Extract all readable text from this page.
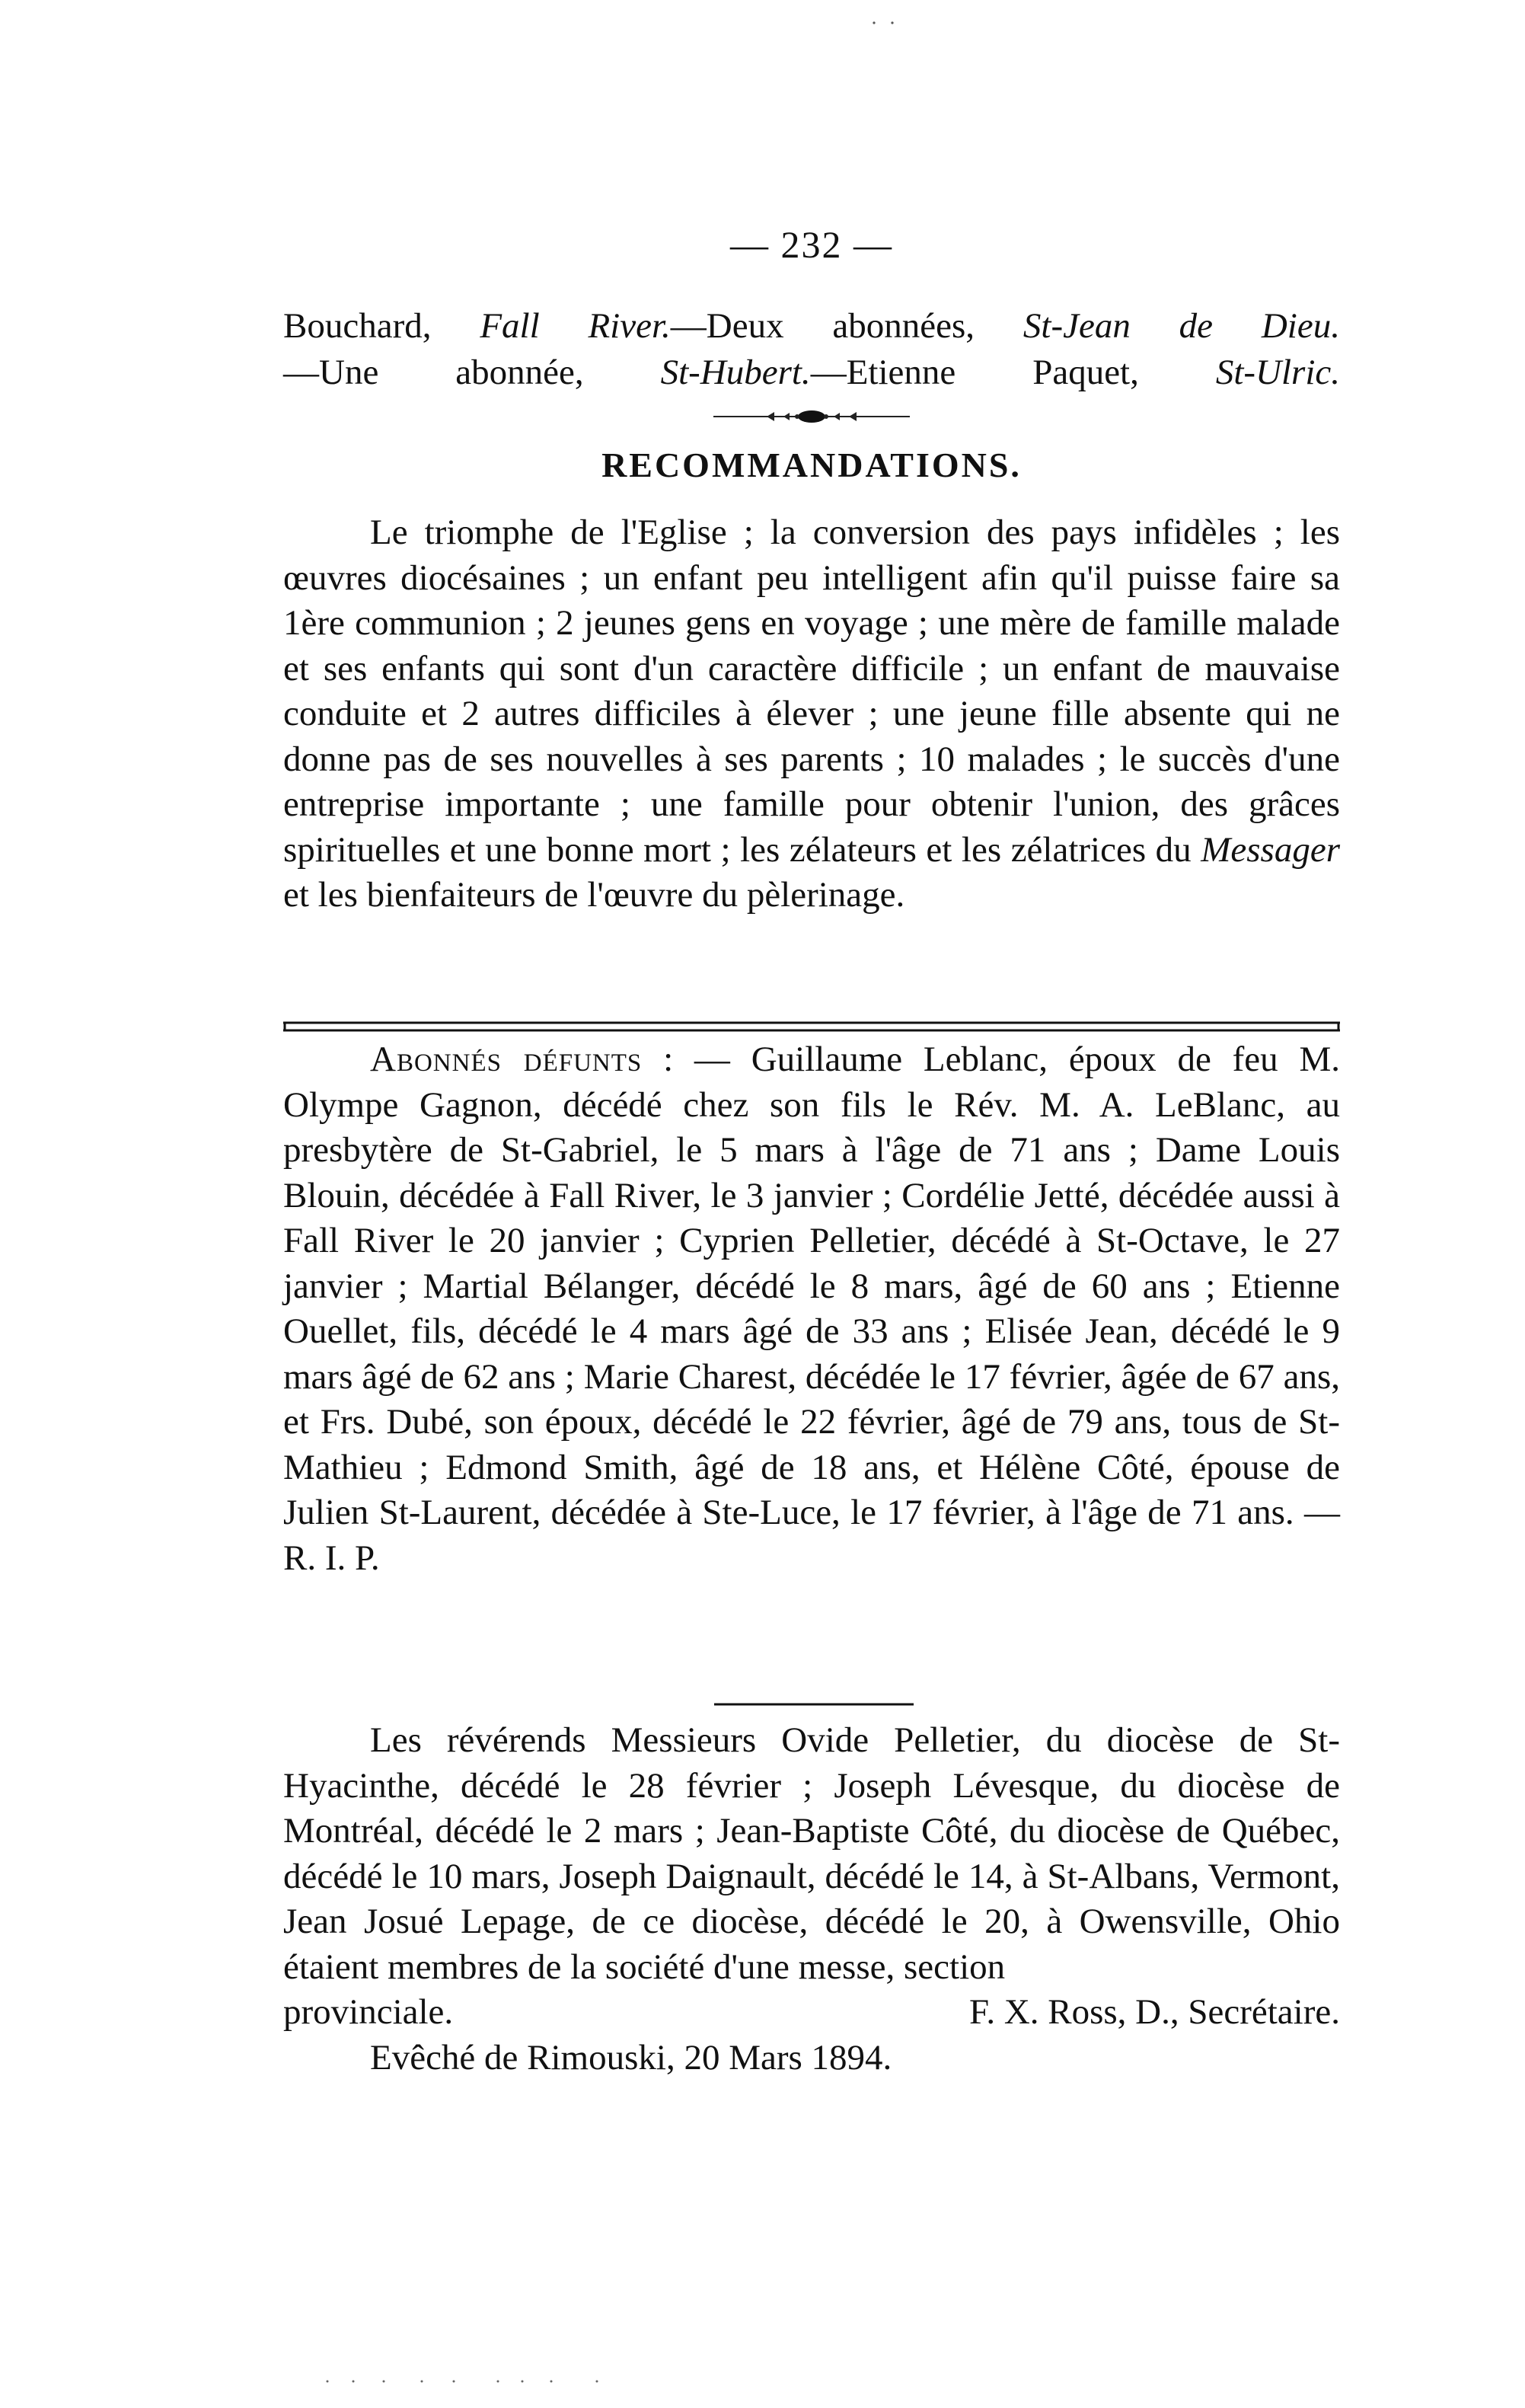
— 232 —

Bouchard, Fall River.—Deux abonnées, St-Jean de Dieu.

—Une abonnée, St-Hubert.—Etienne Paquet, St-Ulric.

RECOMMANDATIONS.

Le triomphe de l'Eglise ; la conversion des pays infidèles ; les œuvres diocésaines ; un enfant peu intelligent afin qu'il puisse faire sa 1ère communion ; 2 jeunes gens en voyage ; une mère de famille malade et ses enfants qui sont d'un caractère difficile ; un enfant de mauvaise conduite et 2 autres difficiles à élever ; une jeune fille absente qui ne donne pas de ses nouvelles à ses parents ; 10 malades ; le succès d'une entreprise importante ; une famille pour obtenir l'union, des grâces spirituelles et une bonne mort ; les zélateurs et les zélatrices du Messager et les bienfaiteurs de l'œuvre du pèlerinage.

Abonnés défunts : — Guillaume Leblanc, époux de feu M. Olympe Gagnon, décédé chez son fils le Rév. M. A. LeBlanc, au presbytère de St-Gabriel, le 5 mars à l'âge de 71 ans ; Dame Louis Blouin, décédée à Fall River, le 3 janvier ; Cordélie Jetté, décédée aussi à Fall River le 20 janvier ; Cyprien Pelletier, décédé à St-Octave, le 27 janvier ; Martial Bélanger, décédé le 8 mars, âgé de 60 ans ; Etienne Ouellet, fils, décédé le 4 mars âgé de 33 ans ; Elisée Jean, décédé le 9 mars âgé de 62 ans ; Marie Charest, décédée le 17 février, âgée de 67 ans, et Frs. Dubé, son époux, décédé le 22 février, âgé de 79 ans, tous de St-Mathieu ; Edmond Smith, âgé de 18 ans, et Hélène Côté, épouse de Julien St-Laurent, décédée à Ste-Luce, le 17 février, à l'âge de 71 ans. — R. I. P.

Les révérends Messieurs Ovide Pelletier, du diocèse de St-Hyacinthe, décédé le 28 février ; Joseph Lévesque, du diocèse de Montréal, décédé le 2 mars ; Jean-Baptiste Côté, du diocèse de Québec, décédé le 10 mars, Joseph Daignault, décédé le 14, à St-Albans, Vermont, Jean Josué Lepage, de ce diocèse, décédé le 20, à Owensville, Ohio étaient membres de la société d'une messe, section

provinciale.	F. X. Ross, D., Secrétaire.

Evêché de Rimouski, 20 Mars 1894.
